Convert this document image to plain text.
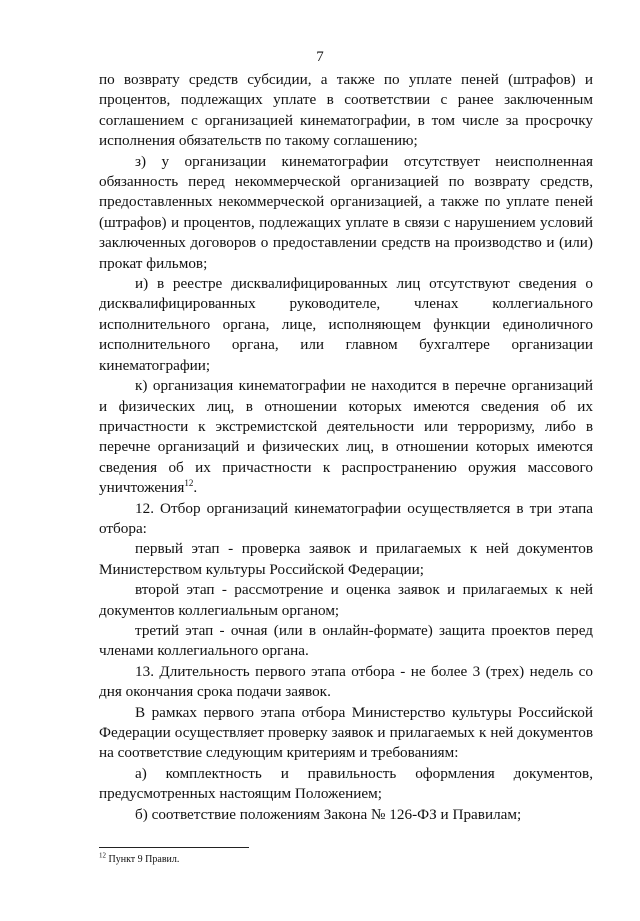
7

по возврату средств субсидии, а также по уплате пеней (штрафов) и процентов, подлежащих уплате в соответствии с ранее заключенным соглашением с организацией кинематографии, в том числе за просрочку исполнения обязательств по такому соглашению;

з) у организации кинематографии отсутствует неисполненная обязанность перед некоммерческой организацией по возврату средств, предоставленных некоммерческой организацией, а также по уплате пеней (штрафов) и процентов, подлежащих уплате в связи с нарушением условий заключенных договоров о предоставлении средств на производство и (или) прокат фильмов;

и) в реестре дисквалифицированных лиц отсутствуют сведения о дисквалифицированных руководителе, членах коллегиального исполнительного органа, лице, исполняющем функции единоличного исполнительного органа, или главном бухгалтере организации кинематографии;

к) организация кинематографии не находится в перечне организаций и физических лиц, в отношении которых имеются сведения об их причастности к экстремистской деятельности или терроризму, либо в перечне организаций и физических лиц, в отношении которых имеются сведения об их причастности к распространению оружия массового уничтожения$^{12}$.

12. Отбор организаций кинематографии осуществляется в три этапа отбора:

первый этап - проверка заявок и прилагаемых к ней документов Министерством культуры Российской Федерации;

второй этап - рассмотрение и оценка заявок и прилагаемых к ней документов коллегиальным органом;

третий этап - очная (или в онлайн-формате) защита проектов перед членами коллегиального органа.

13. Длительность первого этапа отбора - не более 3 (трех) недель со дня окончания срока подачи заявок.

В рамках первого этапа отбора Министерство культуры Российской Федерации осуществляет проверку заявок и прилагаемых к ней документов на соответствие следующим критериям и требованиям:

а) комплектность и правильность оформления документов, предусмотренных настоящим Положением;

б) соответствие положениям Закона № 126-ФЗ и Правилам;

$^{12}$ Пункт 9 Правил.
